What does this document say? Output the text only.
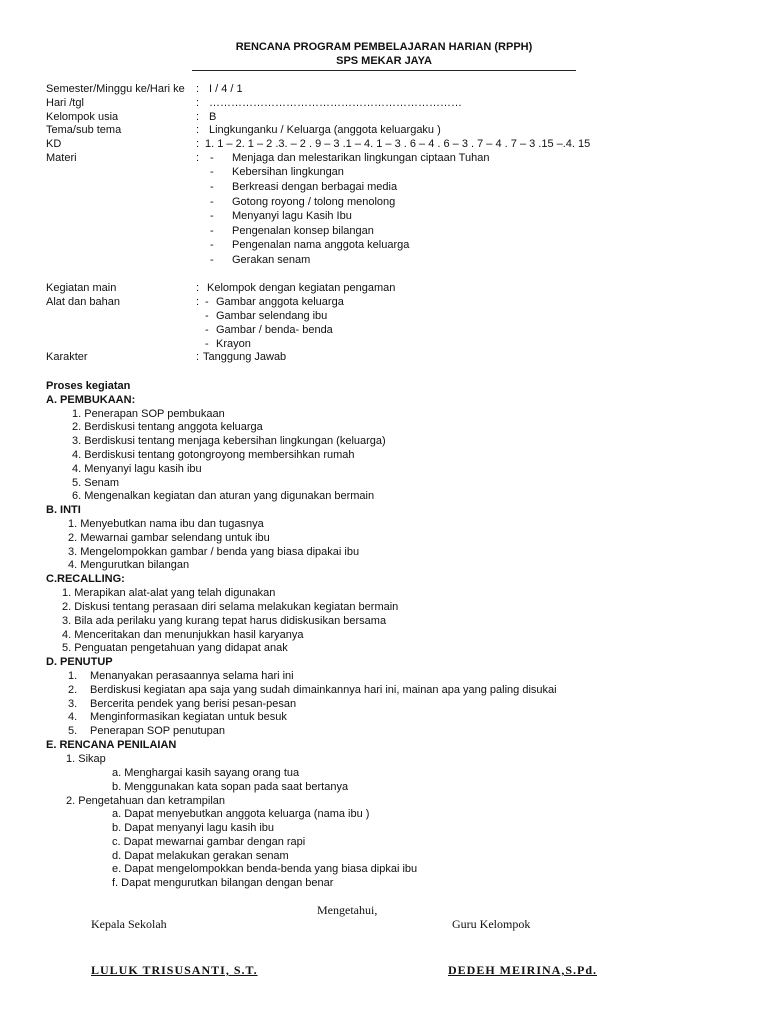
RENCANA PROGRAM PEMBELAJARAN HARIAN (RPPH)
SPS MEKAR JAYA
Semester/Minggu ke/Hari ke : I / 4 / 1
Hari /tgl	: ……………………………………………………………
Kelompok usia	: B
Tema/sub tema	: Lingkunganku / Keluarga (anggota keluargaku )
KD	: 1. 1 – 2. 1 – 2 .3. – 2 . 9 – 3 .1 – 4. 1 – 3 . 6 – 4 . 6 – 3 . 7 – 4 . 7 – 3 .15 –.4. 15
Materi	: - Menjaga dan melestarikan lingkungan ciptaan Tuhan
- Kebersihan lingkungan
- Berkreasi dengan berbagai media
- Gotong royong / tolong menolong
- Menyanyi lagu Kasih Ibu
- Pengenalan konsep bilangan
- Pengenalan nama anggota keluarga
- Gerakan senam
Kegiatan main	: Kelompok dengan kegiatan pengaman
Alat dan bahan	: - Gambar anggota keluarga
- Gambar selendang ibu
- Gambar / benda- benda
- Krayon
Karakter	: Tanggung Jawab
Proses kegiatan
A. PEMBUKAAN:
1. Penerapan SOP pembukaan
2. Berdiskusi tentang anggota keluarga
3. Berdiskusi tentang menjaga kebersihan lingkungan (keluarga)
4. Berdiskusi tentang gotongroyong membersihkan rumah
4. Menyanyi lagu kasih ibu
5. Senam
6. Mengenalkan kegiatan dan aturan yang digunakan bermain
B. INTI
1. Menyebutkan nama ibu dan tugasnya
2. Mewarnai gambar selendang untuk ibu
3. Mengelompokkan gambar / benda yang biasa dipakai ibu
4. Mengurutkan bilangan
C.RECALLING:
1. Merapikan alat-alat yang telah digunakan
2. Diskusi tentang perasaan diri selama melakukan kegiatan bermain
3. Bila ada perilaku yang kurang tepat harus didiskusikan bersama
4. Menceritakan dan menunjukkan hasil karyanya
5. Penguatan pengetahuan yang didapat anak
D. PENUTUP
1. Menanyakan perasaannya selama hari ini
2. Berdiskusi kegiatan apa saja yang sudah dimainkannya hari ini, mainan apa yang paling disukai
3. Bercerita pendek yang berisi pesan-pesan
4. Menginformasikan kegiatan untuk besuk
5. Penerapan SOP penutupan
E. RENCANA PENILAIAN
1. Sikap
a. Menghargai kasih sayang orang tua
b. Menggunakan kata sopan pada saat bertanya
2. Pengetahuan dan ketrampilan
a. Dapat menyebutkan anggota keluarga (nama ibu )
b. Dapat menyanyi lagu kasih ibu
c. Dapat mewarnai gambar dengan rapi
d. Dapat melakukan gerakan senam
e. Dapat mengelompokkan benda-benda yang biasa dipkai ibu
f. Dapat mengurutkan bilangan dengan benar
Mengetahui,
Kepala Sekolah	Guru Kelompok
LULUK TRISUSANTI, S.T.	DEDEH MEIRINA,S.Pd.
